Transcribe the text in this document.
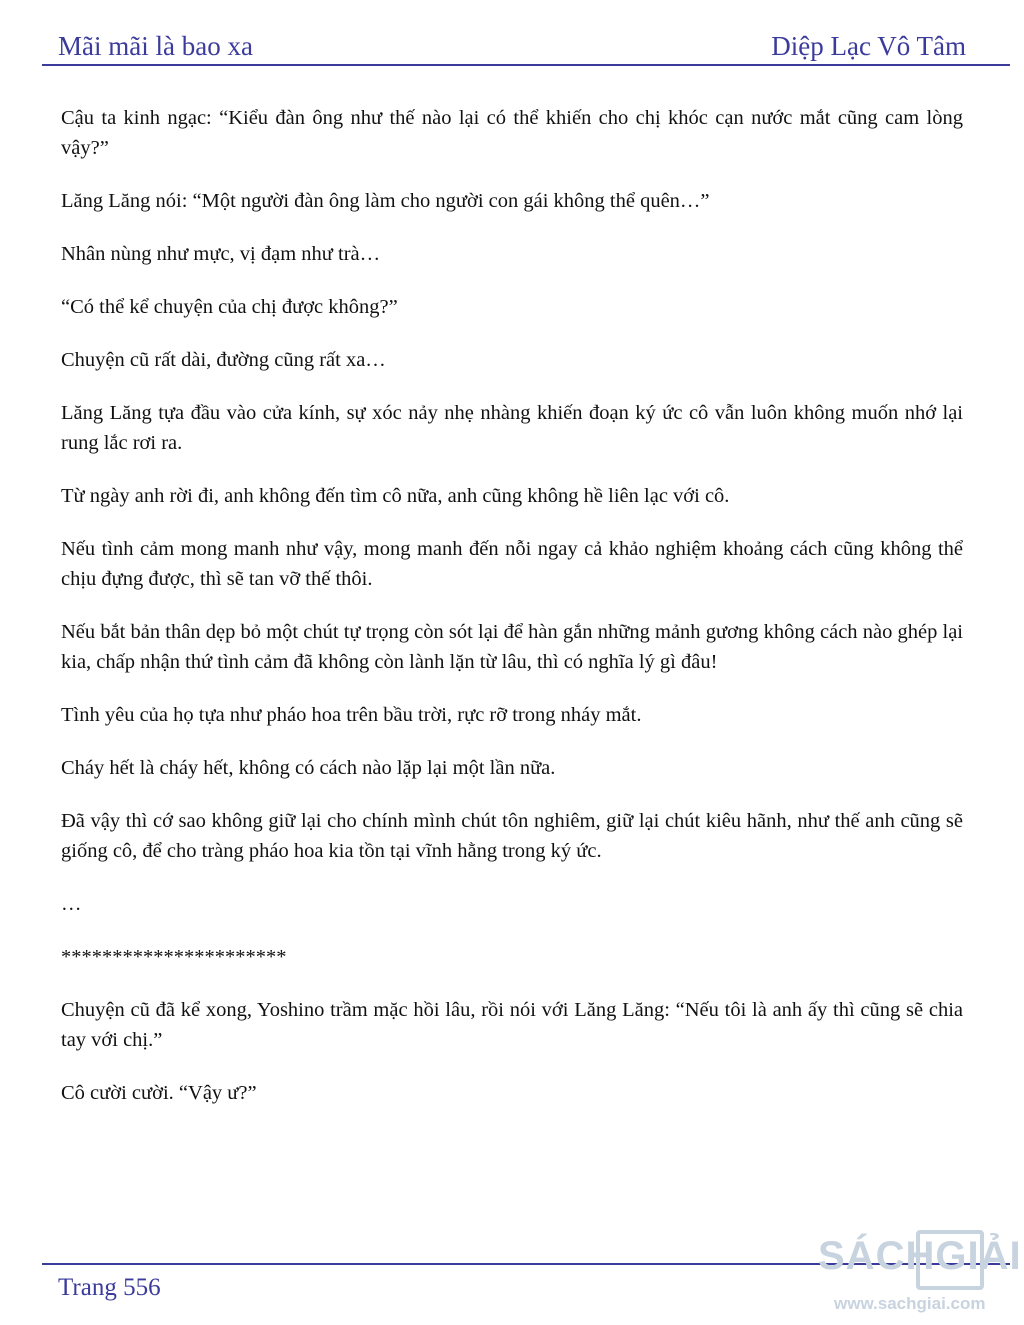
Mãi mãi là bao xa	Diệp Lạc Vô Tâm

Cậu ta kinh ngạc: “Kiểu đàn ông như thế nào lại có thể khiến cho chị khóc cạn nước mắt cũng cam lòng vậy?”

Lăng Lăng nói: “Một người đàn ông làm cho người con gái không thể quên…”

Nhân nùng như mực, vị đạm như trà…

“Có thể kể chuyện của chị được không?”

Chuyện cũ rất dài, đường cũng rất xa…

Lăng Lăng tựa đầu vào cửa kính, sự xóc nảy nhẹ nhàng khiến đoạn ký ức cô vẫn luôn không muốn nhớ lại rung lắc rơi ra.

Từ ngày anh rời đi, anh không đến tìm cô nữa, anh cũng không hề liên lạc với cô.

Nếu tình cảm mong manh như vậy, mong manh đến nỗi ngay cả khảo nghiệm khoảng cách cũng không thể chịu đựng được, thì sẽ tan vỡ thế thôi.

Nếu bắt bản thân dẹp bỏ một chút tự trọng còn sót lại để hàn gắn những mảnh gương không cách nào ghép lại kia, chấp nhận thứ tình cảm đã không còn lành lặn từ lâu, thì có nghĩa lý gì đâu!

Tình yêu của họ tựa như pháo hoa trên bầu trời, rực rỡ trong nháy mắt.

Cháy hết là cháy hết, không có cách nào lặp lại một lần nữa.

Đã vậy thì cớ sao không giữ lại cho chính mình chút tôn nghiêm, giữ lại chút kiêu hãnh, như thế anh cũng sẽ giống cô, để cho tràng pháo hoa kia tồn tại vĩnh hằng trong ký ức.

…

**********************

Chuyện cũ đã kể xong, Yoshino trầm mặc hồi lâu, rồi nói với Lăng Lăng: “Nếu tôi là anh ấy thì cũng sẽ chia tay với chị.”

Cô cười cười. “Vậy ư?”

Trang 556
SÁCHGIẢI
www.sachgiai.com
